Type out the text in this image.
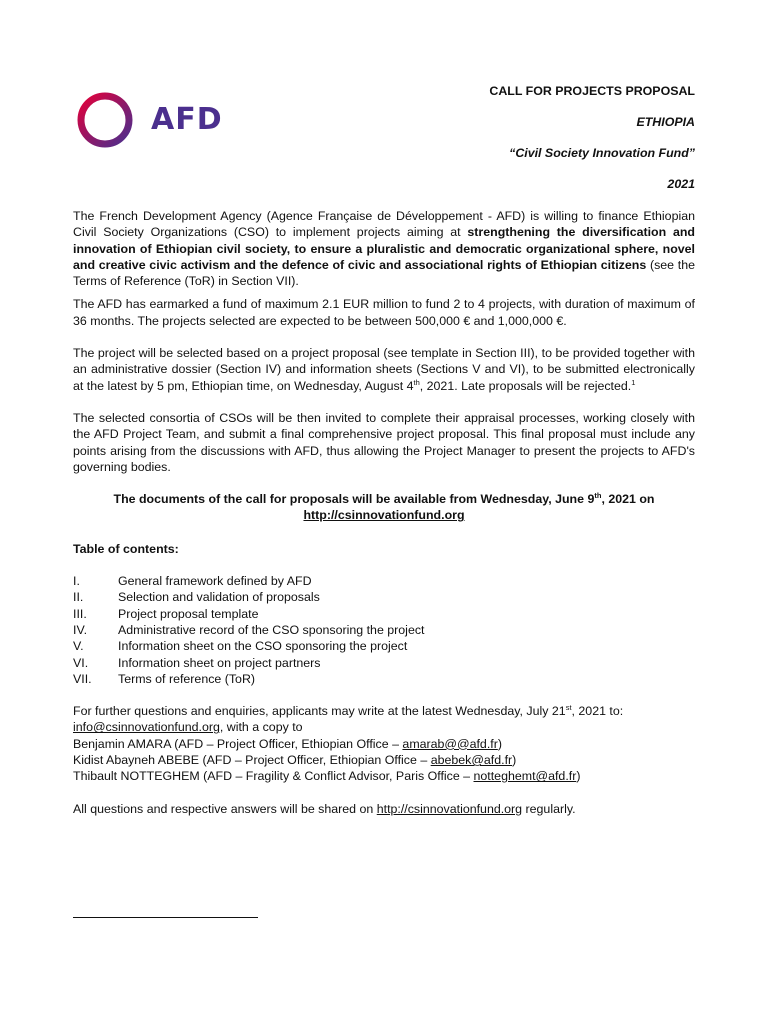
AFD
CALL FOR PROJECTS PROPOSAL
ETHIOPIA
“Civil Society Innovation Fund”
2021

The French Development Agency (Agence Française de Développement - AFD) is willing to finance Ethiopian Civil Society Organizations (CSO) to implement projects aiming at strengthening the diversification and innovation of Ethiopian civil society, to ensure a pluralistic and democratic organizational sphere, novel and creative civic activism and the defence of civic and associational rights of Ethiopian citizens (see the Terms of Reference (ToR) in Section VII).

The AFD has earmarked a fund of maximum 2.1 EUR million to fund 2 to 4 projects, with duration of maximum of 36 months. The projects selected are expected to be between 500,000 € and 1,000,000 €.

The project will be selected based on a project proposal (see template in Section III), to be provided together with an administrative dossier (Section IV) and information sheets (Sections V and VI), to be submitted electronically at the latest by 5 pm, Ethiopian time, on Wednesday, August 4th, 2021. Late proposals will be rejected.$^1$

The selected consortia of CSOs will be then invited to complete their appraisal processes, working closely with the AFD Project Team, and submit a final comprehensive project proposal. This final proposal must include any points arising from the discussions with AFD, thus allowing the Project Manager to present the projects to AFD's governing bodies.

The documents of the call for proposals will be available from Wednesday, June 9th, 2021 on
http://csinnovationfund.org
Table of contents:
I.	General framework defined by AFD
II.	Selection and validation of proposals
III.	Project proposal template
IV.	Administrative record of the CSO sponsoring the project
V.	Information sheet on the CSO sponsoring the project
VI.	Information sheet on project partners
VII.	Terms of reference (ToR)
For further questions and enquiries, applicants may write at the latest Wednesday, July 21st, 2021 to:
info@csinnovationfund.org, with a copy to
Benjamin AMARA (AFD – Project Officer, Ethiopian Office – amarab@@afd.fr)
Kidist Abayneh ABEBE (AFD – Project Officer, Ethiopian Office – abebek@afd.fr)
Thibault NOTTEGHEM (AFD – Fragility & Conflict Advisor, Paris Office – notteghemt@afd.fr)

All questions and respective answers will be shared on http://csinnovationfund.org regularly.
